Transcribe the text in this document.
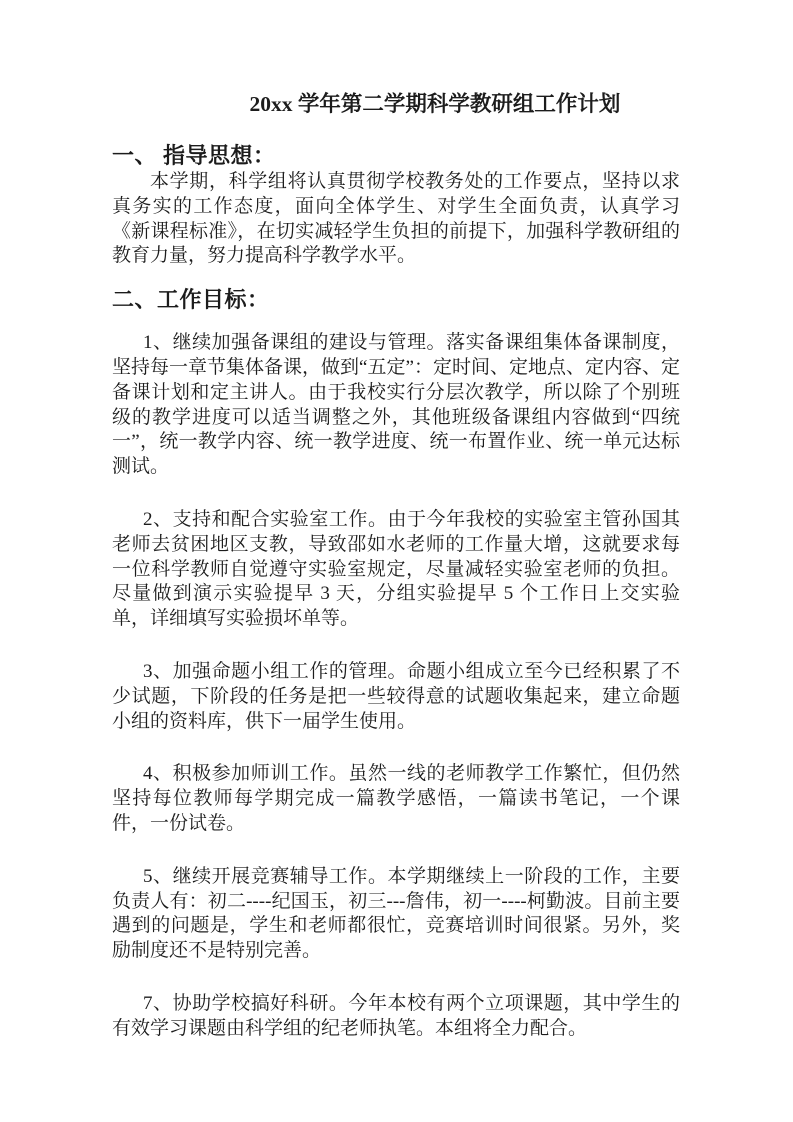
20xx 学年第二学期科学教研组工作计划
一、 指导思想：

本学期，科学组将认真贯彻学校教务处的工作要点，坚持以求真务实的工作态度，面向全体学生、对学生全面负责，认真学习《新课程标准》，在切实减轻学生负担的前提下，加强科学教研组的教育力量，努力提高科学教学水平。

二、工作目标：

1、继续加强备课组的建设与管理。落实备课组集体备课制度，坚持每一章节集体备课，做到“五定”：定时间、定地点、定内容、定备课计划和定主讲人。由于我校实行分层次教学，所以除了个别班级的教学进度可以适当调整之外，其他班级备课组内容做到“四统一”，统一教学内容、统一教学进度、统一布置作业、统一单元达标测试。

2、支持和配合实验室工作。由于今年我校的实验室主管孙国其老师去贫困地区支教，导致邵如水老师的工作量大增，这就要求每一位科学教师自觉遵守实验室规定，尽量减轻实验室老师的负担。尽量做到演示实验提早 3 天，分组实验提早 5 个工作日上交实验单，详细填写实验损坏单等。

3、加强命题小组工作的管理。命题小组成立至今已经积累了不少试题，下阶段的任务是把一些较得意的试题收集起来，建立命题小组的资料库，供下一届学生使用。

4、积极参加师训工作。虽然一线的老师教学工作繁忙，但仍然坚持每位教师每学期完成一篇教学感悟，一篇读书笔记，一个课件，一份试卷。

5、继续开展竞赛辅导工作。本学期继续上一阶段的工作，主要负责人有：初二----纪国玉，初三---詹伟，初一----柯勤波。目前主要遇到的问题是，学生和老师都很忙，竞赛培训时间很紧。另外，奖励制度还不是特别完善。

7、协助学校搞好科研。今年本校有两个立项课题，其中学生的有效学习课题由科学组的纪老师执笔。本组将全力配合。
